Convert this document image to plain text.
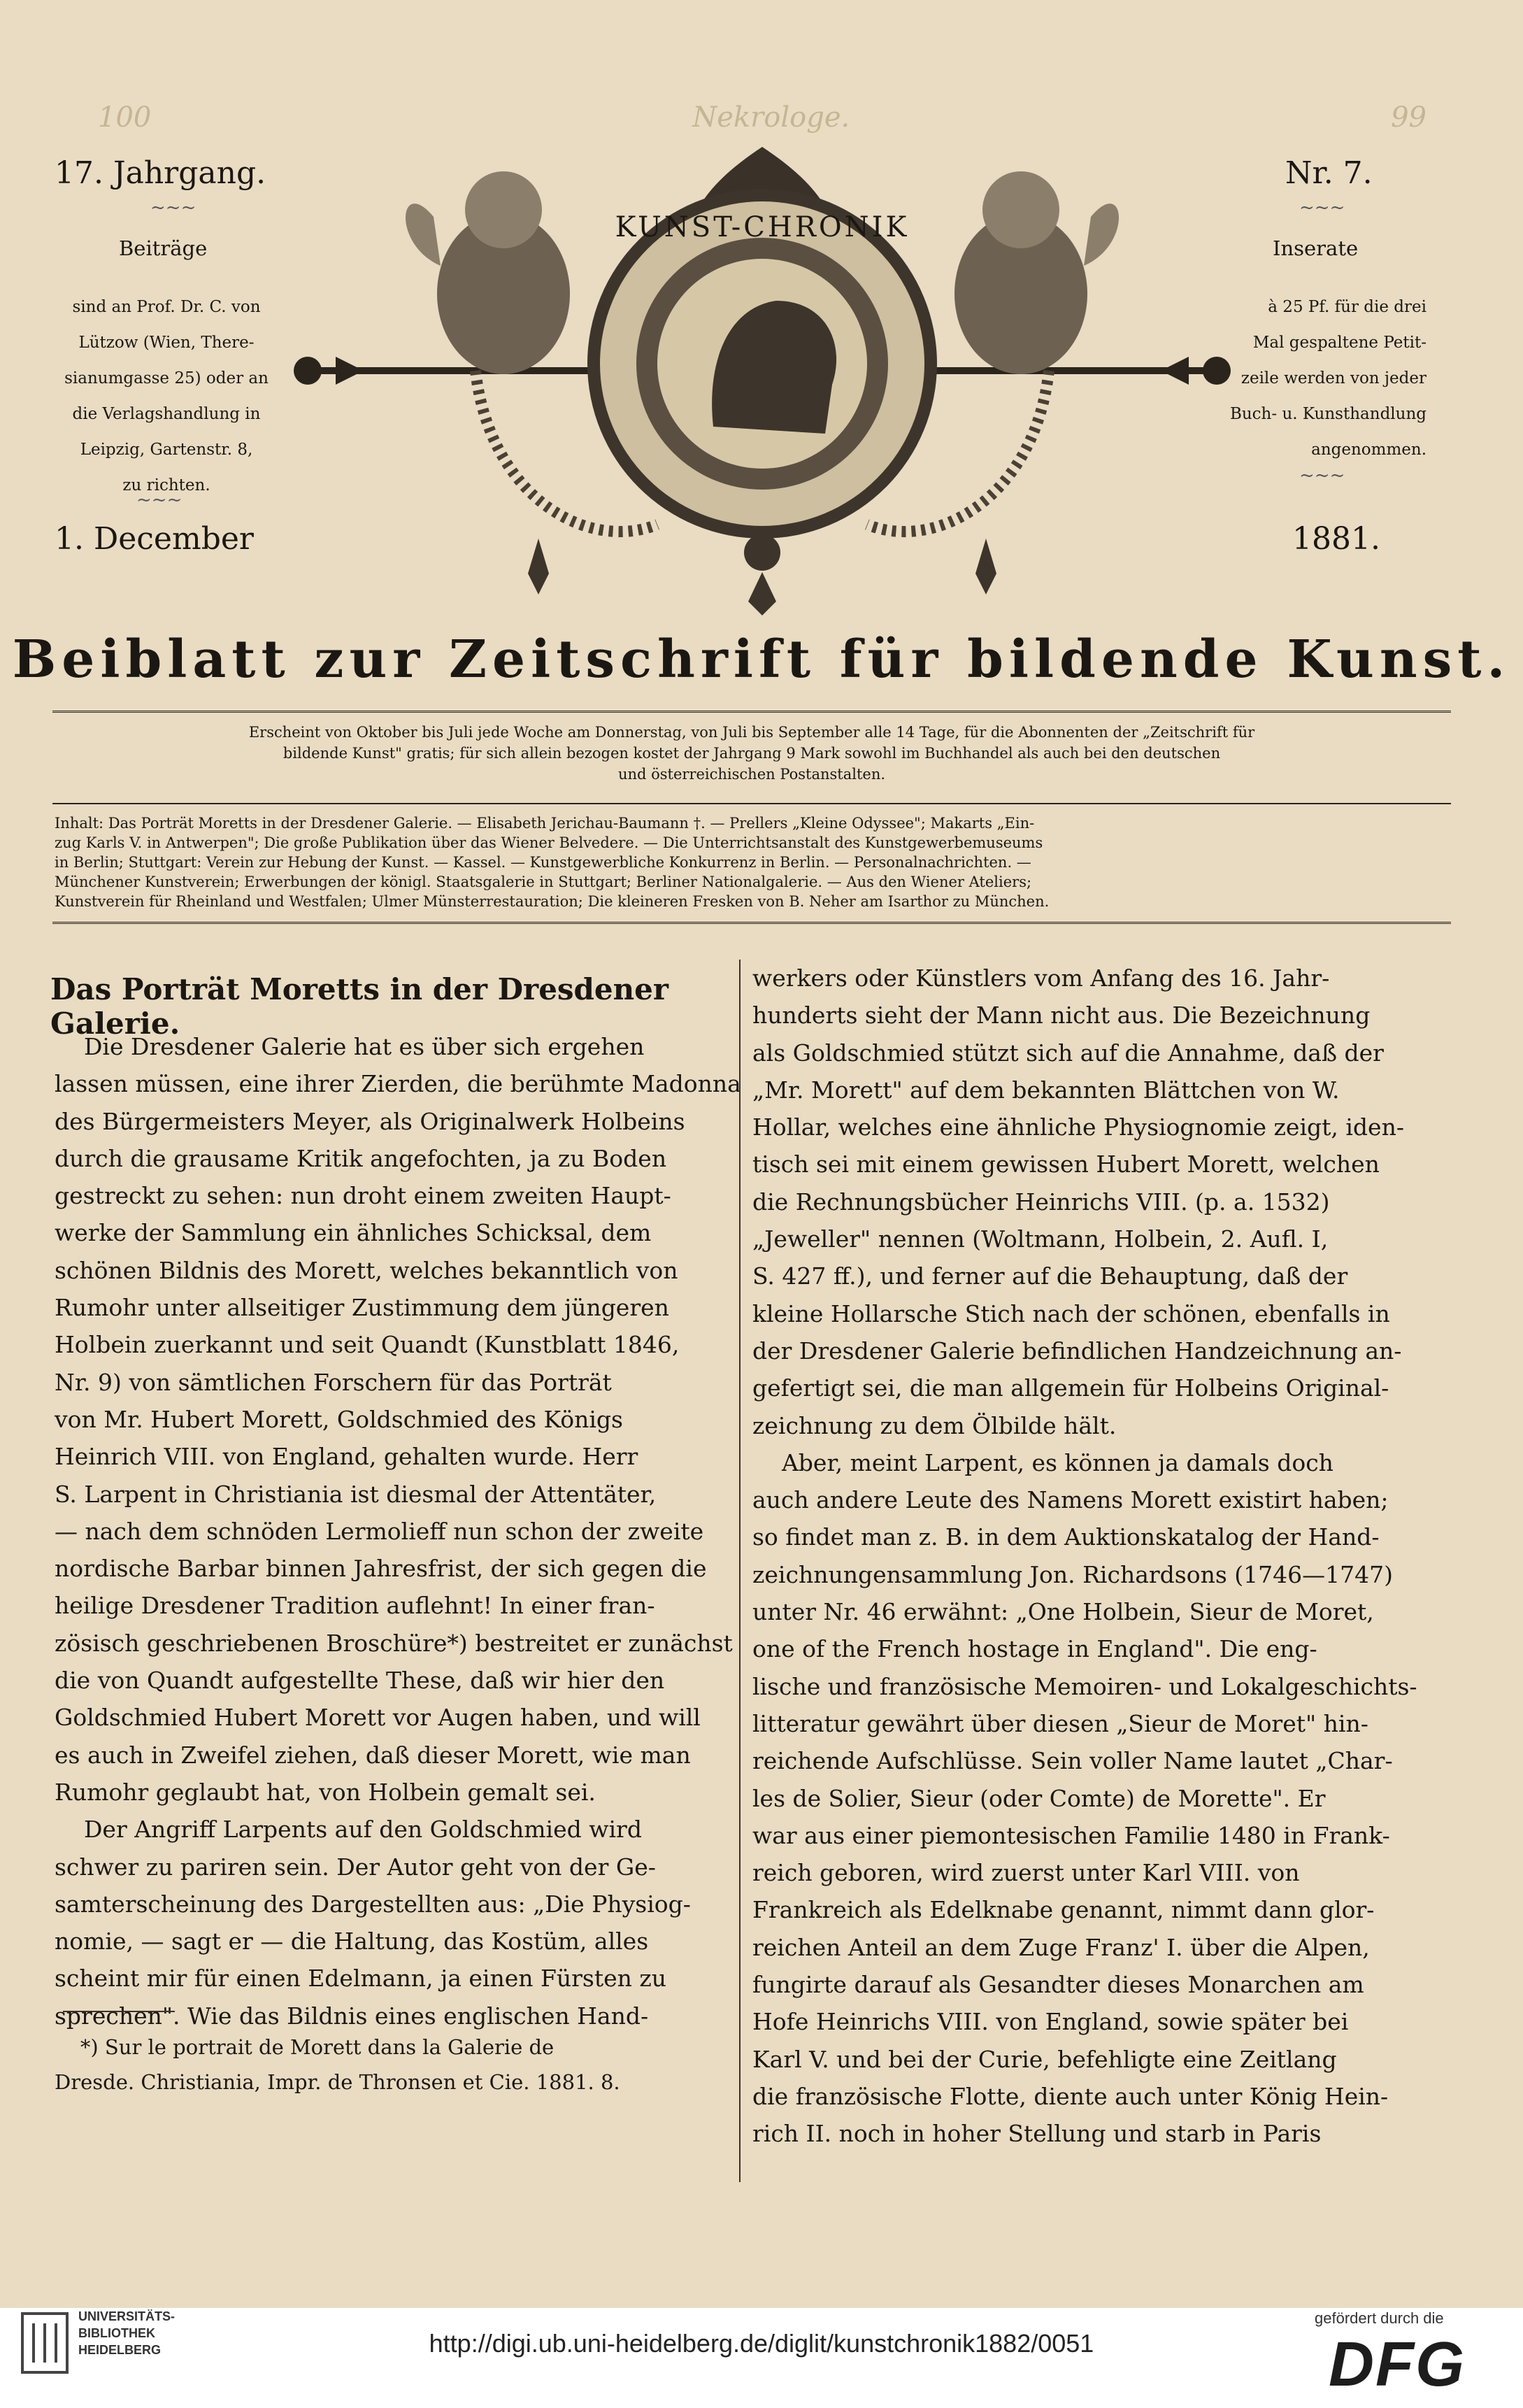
100	Nekrologe.	99
17. Jahrgang.	Nr. 7.
~~~	~~~
Beiträge
sind an Prof. Dr. C. von
Lützow (Wien, There-
sianumgasse 25) oder an
die Verlagshandlung in
Leipzig, Gartenstr. 8,
zu richten.
Inserate
à 25 Pf. für die drei
Mal gespaltene Petit-
zeile werden von jeder
Buch- u. Kunsthandlung
angenommen.
~~~
~~~
1. December	1881.
KUNST-CHRONIK
Beiblatt zur Zeitschrift für bildende Kunst.
Erscheint von Oktober bis Juli jede Woche am Donnerstag, von Juli bis September alle 14 Tage, für die Abonnenten der „Zeitschrift für
bildende Kunst" gratis; für sich allein bezogen kostet der Jahrgang 9 Mark sowohl im Buchhandel als auch bei den deutschen
und österreichischen Postanstalten.
Inhalt: Das Porträt Moretts in der Dresdener Galerie. — Elisabeth Jerichau-Baumann †. — Prellers „Kleine Odyssee"; Makarts „Ein-
zug Karls V. in Antwerpen"; Die große Publikation über das Wiener Belvedere. — Die Unterrichtsanstalt des Kunstgewerbemuseums
in Berlin; Stuttgart: Verein zur Hebung der Kunst. — Kassel. — Kunstgewerbliche Konkurrenz in Berlin. — Personalnachrichten. —
Münchener Kunstverein; Erwerbungen der königl. Staatsgalerie in Stuttgart; Berliner Nationalgalerie. — Aus den Wiener Ateliers;
Kunstverein für Rheinland und Westfalen; Ulmer Münsterrestauration; Die kleineren Fresken von B. Neher am Isarthor zu München.
Das Porträt Moretts in der Dresdener Galerie.
Die Dresdener Galerie hat es über sich ergehen
lassen müssen, eine ihrer Zierden, die berühmte Madonna
des Bürgermeisters Meyer, als Originalwerk Holbeins
durch die grausame Kritik angefochten, ja zu Boden
gestreckt zu sehen: nun droht einem zweiten Haupt-
werke der Sammlung ein ähnliches Schicksal, dem
schönen Bildnis des Morett, welches bekanntlich von
Rumohr unter allseitiger Zustimmung dem jüngeren
Holbein zuerkannt und seit Quandt (Kunstblatt 1846,
Nr. 9) von sämtlichen Forschern für das Porträt
von Mr. Hubert Morett, Goldschmied des Königs
Heinrich VIII. von England, gehalten wurde. Herr
S. Larpent in Christiania ist diesmal der Attentäter,
— nach dem schnöden Lermolieff nun schon der zweite
nordische Barbar binnen Jahresfrist, der sich gegen die
heilige Dresdener Tradition auflehnt! In einer fran-
zösisch geschriebenen Broschüre*) bestreitet er zunächst
die von Quandt aufgestellte These, daß wir hier den
Goldschmied Hubert Morett vor Augen haben, und will
es auch in Zweifel ziehen, daß dieser Morett, wie man
Rumohr geglaubt hat, von Holbein gemalt sei.
Der Angriff Larpents auf den Goldschmied wird
schwer zu pariren sein. Der Autor geht von der Ge-
samterscheinung des Dargestellten aus: „Die Physiog-
nomie, — sagt er — die Haltung, das Kostüm, alles
scheint mir für einen Edelmann, ja einen Fürsten zu
sprechen". Wie das Bildnis eines englischen Hand-
werkers oder Künstlers vom Anfang des 16. Jahr-
hunderts sieht der Mann nicht aus. Die Bezeichnung
als Goldschmied stützt sich auf die Annahme, daß der
„Mr. Morett" auf dem bekannten Blättchen von W.
Hollar, welches eine ähnliche Physiognomie zeigt, iden-
tisch sei mit einem gewissen Hubert Morett, welchen
die Rechnungsbücher Heinrichs VIII. (p. a. 1532)
„Jeweller" nennen (Woltmann, Holbein, 2. Aufl. I,
S. 427 ff.), und ferner auf die Behauptung, daß der
kleine Hollarsche Stich nach der schönen, ebenfalls in
der Dresdener Galerie befindlichen Handzeichnung an-
gefertigt sei, die man allgemein für Holbeins Original-
zeichnung zu dem Ölbilde hält.
Aber, meint Larpent, es können ja damals doch
auch andere Leute des Namens Morett existirt haben;
so findet man z. B. in dem Auktionskatalog der Hand-
zeichnungensammlung Jon. Richardsons (1746—1747)
unter Nr. 46 erwähnt: „One Holbein, Sieur de Moret,
one of the French hostage in England". Die eng-
lische und französische Memoiren- und Lokalgeschichts-
litteratur gewährt über diesen „Sieur de Moret" hin-
reichende Aufschlüsse. Sein voller Name lautet „Char-
les de Solier, Sieur (oder Comte) de Morette". Er
war aus einer piemontesischen Familie 1480 in Frank-
reich geboren, wird zuerst unter Karl VIII. von
Frankreich als Edelknabe genannt, nimmt dann glor-
reichen Anteil an dem Zuge Franz' I. über die Alpen,
fungirte darauf als Gesandter dieses Monarchen am
Hofe Heinrichs VIII. von England, sowie später bei
Karl V. und bei der Curie, befehligte eine Zeitlang
die französische Flotte, diente auch unter König Hein-
rich II. noch in hoher Stellung und starb in Paris
*) Sur le portrait de Morett dans la Galerie de
Dresde. Christiania, Impr. de Thronsen et Cie. 1881. 8.
UNIVERSITÄTS-
BIBLIOTHEK
HEIDELBERG	http://digi.ub.uni-heidelberg.de/diglit/kunstchronik1882/0051
gefördert durch die
DFG
